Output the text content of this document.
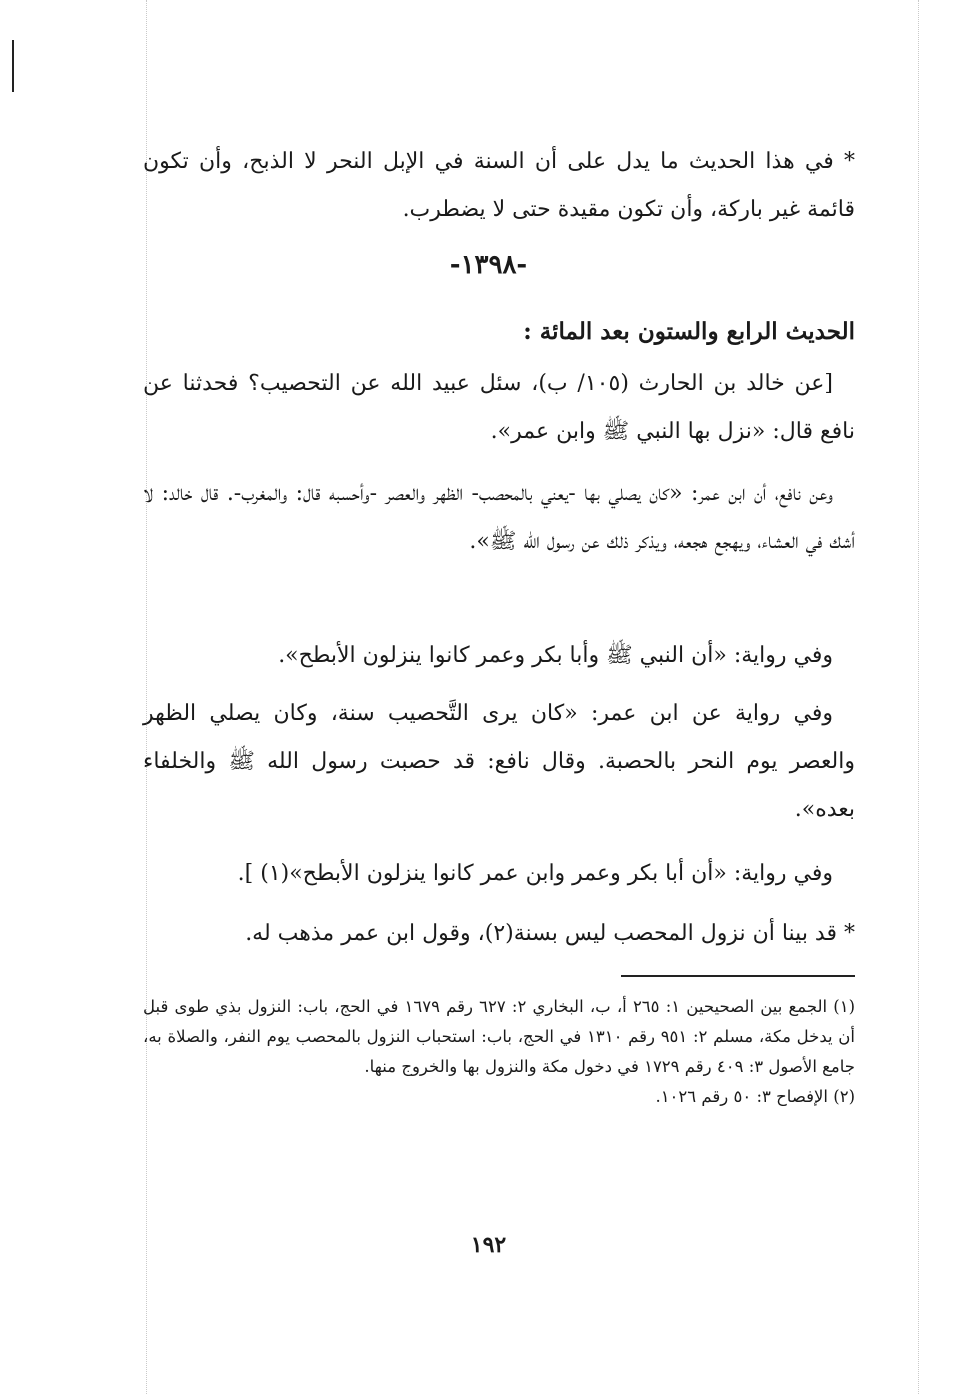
* في هذا الحديث ما يدل على أن السنة في الإبل النحر لا الذبح، وأن تكون قائمة غير باركة، وأن تكون مقيدة حتى لا يضطرب.

-١٣٩٨-
الحديث الرابع والستون بعد المائة :

[عن خالد بن الحارث (١٠٥/ ب)، سئل عبيد الله عن التحصيب؟ فحدثنا عن نافع قال: «نزل بها النبي ﷺ وابن عمر».

وعن نافع، أن ابن عمر: «كان يصلي بها -يعني بالمحصب- الظهر والعصر -وأحسبه قال: والمغرب-. قال خالد: لا أشك في العشاء، ويهجع هجعه، ويذكر ذلك عن رسول الله ﷺ».

وفي رواية: «أن النبي ﷺ وأبا بكر وعمر كانوا ينزلون الأبطح».

وفي رواية عن ابن عمر: «كان يرى التَّحصيب سنة، وكان يصلي الظهر والعصر يوم النحر بالحصبة. وقال نافع: قد حصبت رسول الله ﷺ والخلفاء بعده».

وفي رواية: «أن أبا بكر وعمر وابن عمر كانوا ينزلون الأبطح»(١) ].

* قد بينا أن نزول المحصب ليس بسنة(٢)، وقول ابن عمر مذهب له.

(١) الجمع بين الصحيحين ١: ٢٦٥ أ، ب، البخاري ٢: ٦٢٧ رقم ١٦٧٩ في الحج، باب: النزول بذي طوى قبل أن يدخل مكة، مسلم ٢: ٩٥١ رقم ١٣١٠ في الحج، باب: استحباب النزول بالمحصب يوم النفر، والصلاة به، جامع الأصول ٣: ٤٠٩ رقم ١٧٢٩ في دخول مكة والنزول بها والخروج منها.

(٢) الإفصاح ٣: ٥٠ رقم ١٠٢٦.

١٩٢
